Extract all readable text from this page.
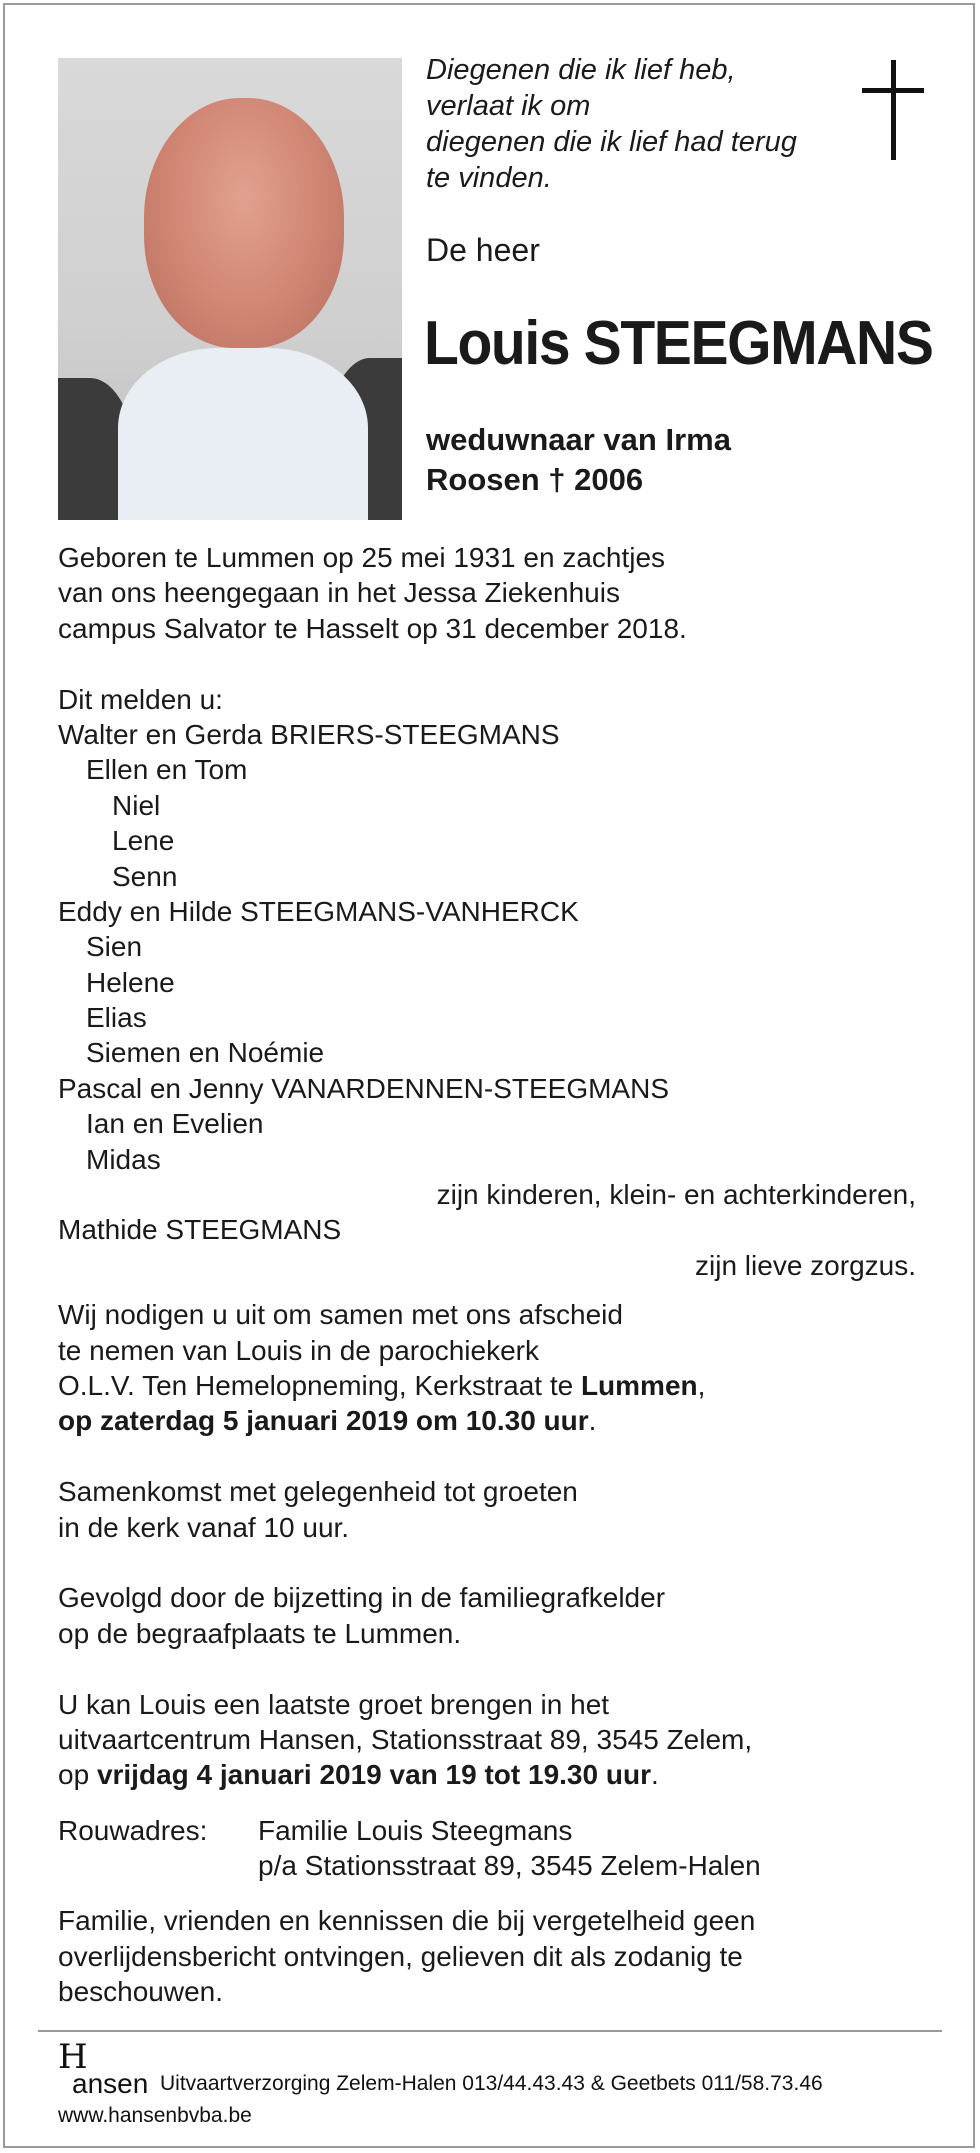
Diegenen die ik lief heb,
verlaat ik om
diegenen die ik lief had terug
te vinden.
De heer
Louis STEEGMANS
weduwnaar van Irma
Roosen † 2006
Geboren te Lummen op 25 mei 1931 en zachtjes
van ons heengegaan in het Jessa Ziekenhuis
campus Salvator te Hasselt op 31 december 2018.
Dit melden u:
Walter en Gerda BRIERS-STEEGMANS
Ellen en Tom
Niel
Lene
Senn
Eddy en Hilde STEEGMANS-VANHERCK
Sien
Helene
Elias
Siemen en Noémie
Pascal en Jenny VANARDENNEN-STEEGMANS
Ian en Evelien
Midas
zijn kinderen, klein- en achterkinderen,
Mathide STEEGMANS
zijn lieve zorgzus.
Wij nodigen u uit om samen met ons afscheid
te nemen van Louis in de parochiekerk
O.L.V. Ten Hemelopneming, Kerkstraat te Lummen,
op zaterdag 5 januari 2019 om 10.30 uur.
Samenkomst met gelegenheid tot groeten
in de kerk vanaf 10 uur.
Gevolgd door de bijzetting in de familiegrafkelder
op de begraafplaats te Lummen.
U kan Louis een laatste groet brengen in het
uitvaartcentrum Hansen, Stationsstraat 89, 3545 Zelem,
op vrijdag 4 januari 2019 van 19 tot 19.30 uur.
Rouwadres:	Familie Louis Steegmans
p/a Stationsstraat 89, 3545 Zelem-Halen
Familie, vrienden en kennissen die bij vergetelheid geen
overlijdensbericht ontvingen, gelieven dit als zodanig te
beschouwen.
H
ansen Uitvaartverzorging Zelem-Halen 013/44.43.43 & Geetbets 011/58.73.46
www.hansenbvba.be
